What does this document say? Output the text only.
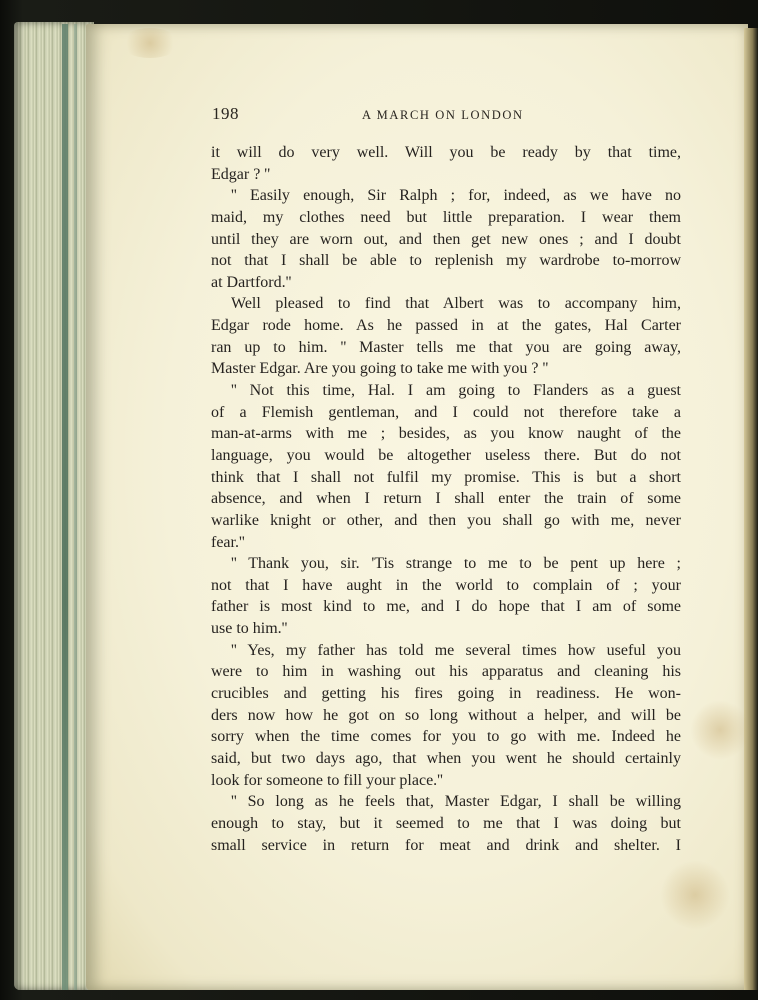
198	A MARCH ON LONDON
it will do very well. Will you be ready by that time,
Edgar ? ''
'' Easily enough, Sir Ralph ; for, indeed, as we have no
maid, my clothes need but little preparation. I wear them
until they are worn out, and then get new ones ; and I doubt
not that I shall be able to replenish my wardrobe to-morrow
at Dartford.''
Well pleased to find that Albert was to accompany him,
Edgar rode home. As he passed in at the gates, Hal Carter
ran up to him. '' Master tells me that you are going away,
Master Edgar. Are you going to take me with you ? ''
'' Not this time, Hal. I am going to Flanders as a guest
of a Flemish gentleman, and I could not therefore take a
man-at-arms with me ; besides, as you know naught of the
language, you would be altogether useless there. But do not
think that I shall not fulfil my promise. This is but a short
absence, and when I return I shall enter the train of some
warlike knight or other, and then you shall go with me, never
fear.''
'' Thank you, sir. 'Tis strange to me to be pent up here ;
not that I have aught in the world to complain of ; your
father is most kind to me, and I do hope that I am of some
use to him.''
'' Yes, my father has told me several times how useful you
were to him in washing out his apparatus and cleaning his
crucibles and getting his fires going in readiness. He won-
ders now how he got on so long without a helper, and will be
sorry when the time comes for you to go with me. Indeed he
said, but two days ago, that when you went he should certainly
look for someone to fill your place.''
'' So long as he feels that, Master Edgar, I shall be willing
enough to stay, but it seemed to me that I was doing but
small service in return for meat and drink and shelter. I
